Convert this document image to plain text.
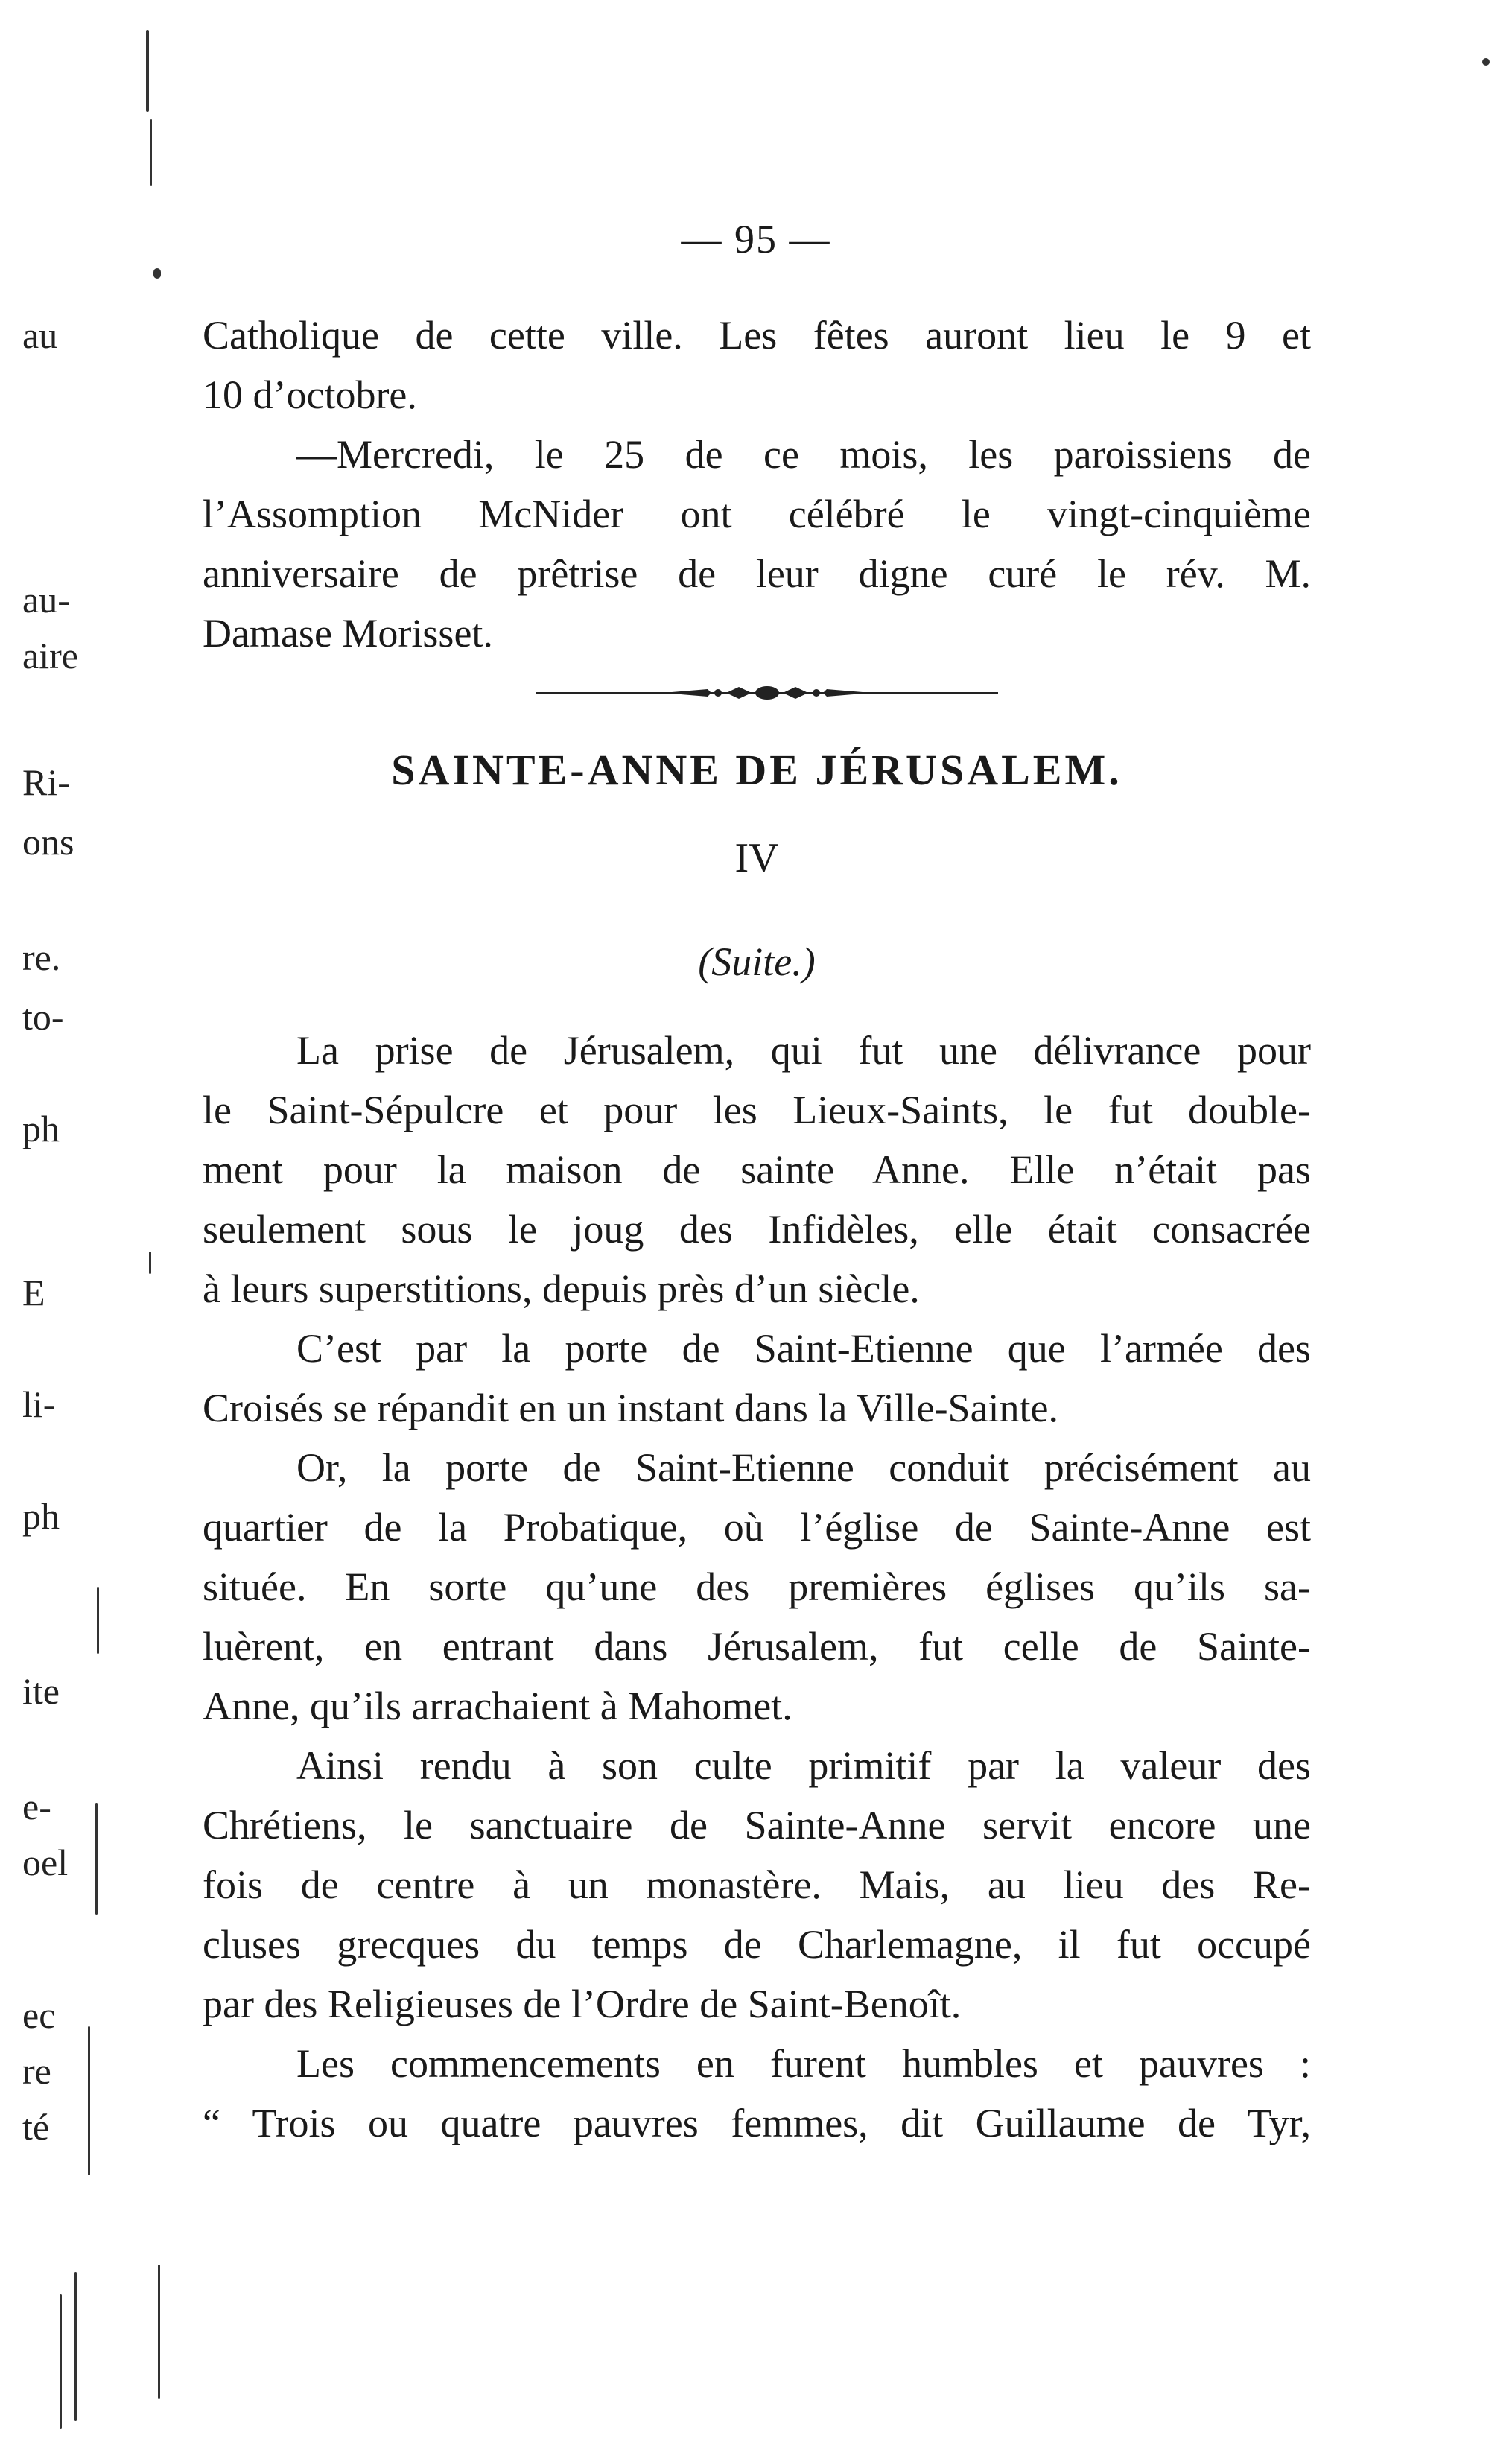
au
au-
aire
Ri-
ons
re.
to-
ph
E
li-
ph
ite
e-
oel
ec
re
té
— 95 —
Catholique de cette ville. Les fêtes auront lieu le 9 et
10 d’octobre.
—Mercredi, le 25 de ce mois, les paroissiens de
l’Assomption McNider ont célébré le vingt-cinquième
anniversaire de prêtrise de leur digne curé le rév. M.
Damase Morisset.
SAINTE-ANNE DE JÉRUSALEM.
IV
(Suite.)
La prise de Jérusalem, qui fut une délivrance pour
le Saint-Sépulcre et pour les Lieux-Saints, le fut double-
ment pour la maison de sainte Anne. Elle n’était pas
seulement sous le joug des Infidèles, elle était consacrée
à leurs superstitions, depuis près d’un siècle.
C’est par la porte de Saint-Etienne que l’armée des
Croisés se répandit en un instant dans la Ville-Sainte.
Or, la porte de Saint-Etienne conduit précisément au
quartier de la Probatique, où l’église de Sainte-Anne est
située. En sorte qu’une des premières églises qu’ils sa-
luèrent, en entrant dans Jérusalem, fut celle de Sainte-
Anne, qu’ils arrachaient à Mahomet.
Ainsi rendu à son culte primitif par la valeur des
Chrétiens, le sanctuaire de Sainte-Anne servit encore une
fois de centre à un monastère. Mais, au lieu des Re-
cluses grecques du temps de Charlemagne, il fut occupé
par des Religieuses de l’Ordre de Saint-Benoît.
Les commencements en furent humbles et pauvres :
“ Trois ou quatre pauvres femmes, dit Guillaume de Tyr,
